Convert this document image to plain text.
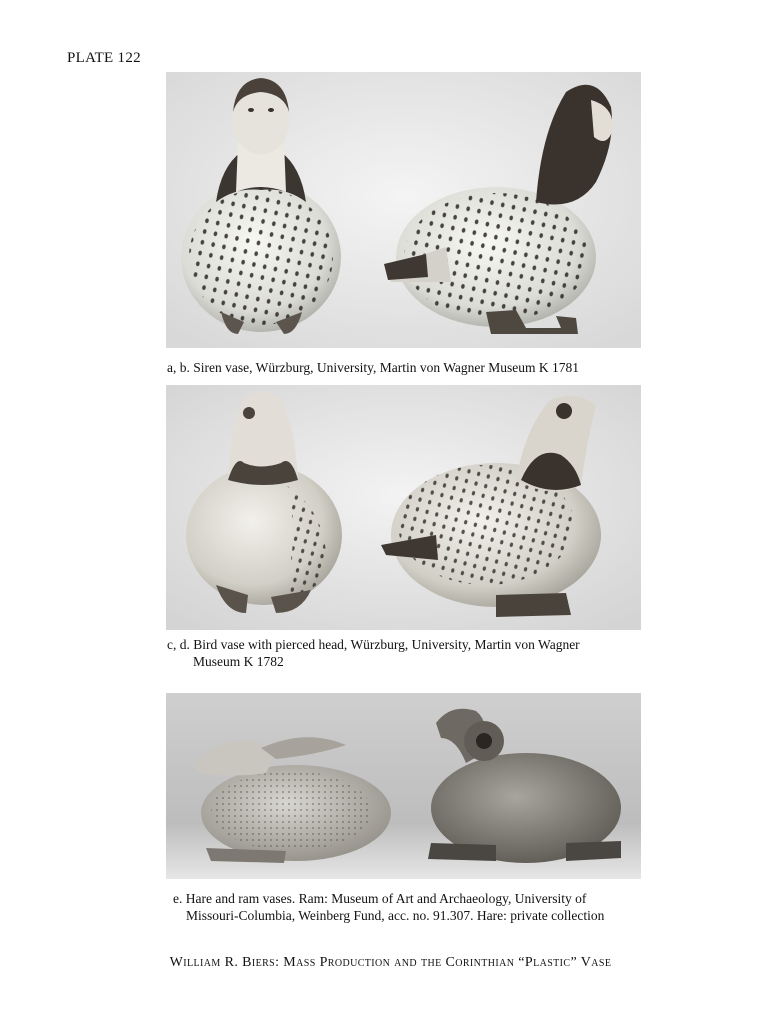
PLATE 122
a, b. Siren vase, Würzburg, University, Martin von Wagner Museum K 1781
c, d. Bird vase with pierced head, Würzburg, University, Martin von Wagner
Museum K 1782
e. Hare and ram vases. Ram: Museum of Art and Archaeology, University of
Missouri-Columbia, Weinberg Fund, acc. no. 91.307. Hare: private collection
William R. Biers: Mass Production and the Corinthian “Plastic” Vase
